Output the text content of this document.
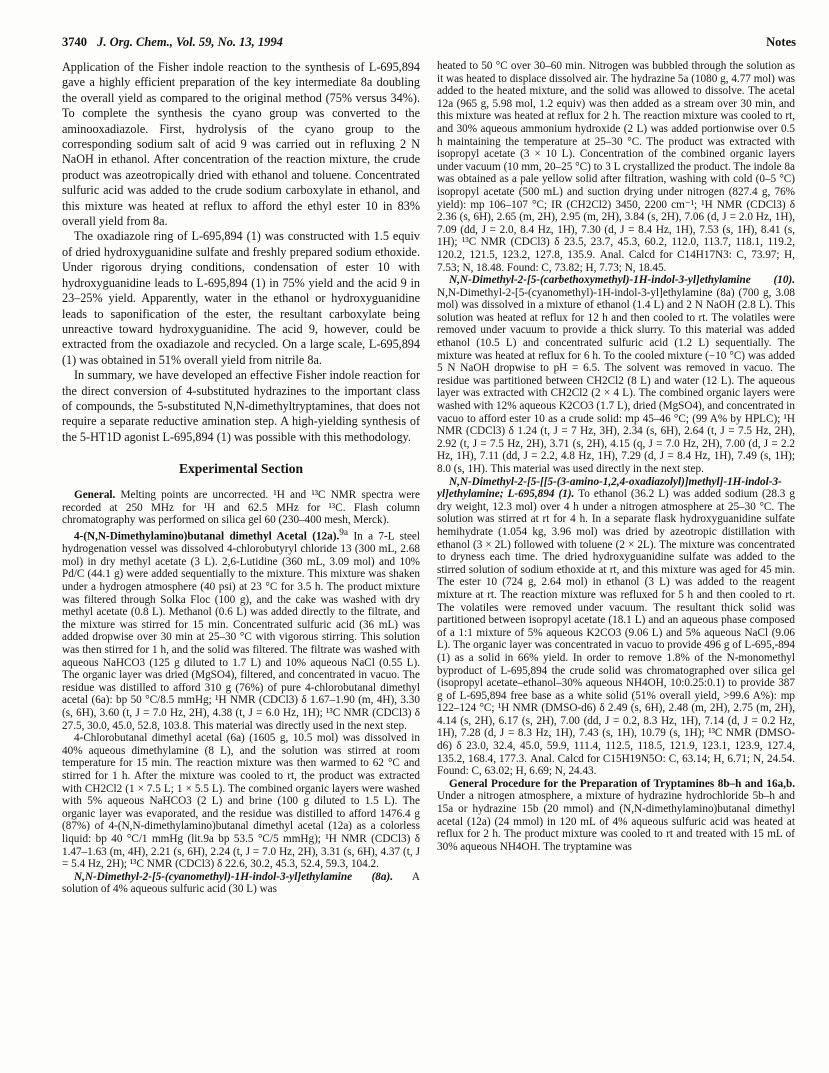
3740 J. Org. Chem., Vol. 59, No. 13, 1994	Notes

Application of the Fisher indole reaction to the synthesis of L-695,894 gave a highly efficient preparation of the key intermediate 8a doubling the overall yield as compared to the original method (75% versus 34%). To complete the synthesis the cyano group was converted to the aminooxadiazole. First, hydrolysis of the cyano group to the corresponding sodium salt of acid 9 was carried out in refluxing 2 N NaOH in ethanol. After concentration of the reaction mixture, the crude product was azeotropically dried with ethanol and toluene. Concentrated sulfuric acid was added to the crude sodium carboxylate in ethanol, and this mixture was heated at reflux to afford the ethyl ester 10 in 83% overall yield from 8a.

The oxadiazole ring of L-695,894 (1) was constructed with 1.5 equiv of dried hydroxyguanidine sulfate and freshly prepared sodium ethoxide. Under rigorous drying conditions, condensation of ester 10 with hydroxyguanidine leads to L-695,894 (1) in 75% yield and the acid 9 in 23–25% yield. Apparently, water in the ethanol or hydroxyguanidine leads to saponification of the ester, the resultant carboxylate being unreactive toward hydroxyguanidine. The acid 9, however, could be extracted from the oxadiazole and recycled. On a large scale, L-695,894 (1) was obtained in 51% overall yield from nitrile 8a.

In summary, we have developed an effective Fisher indole reaction for the direct conversion of 4-substituted hydrazines to the important class of compounds, the 5-substituted N,N-dimethyltryptamines, that does not require a separate reductive amination step. A high-yielding synthesis of the 5-HT1D agonist L-695,894 (1) was possible with this methodology.

Experimental Section

General. Melting points are uncorrected. ¹H and ¹³C NMR spectra were recorded at 250 MHz for ¹H and 62.5 MHz for ¹³C. Flash column chromatography was performed on silica gel 60 (230–400 mesh, Merck).

4-(N,N-Dimethylamino)butanal dimethyl Acetal (12a).$^{9a}$ In a 7-L steel hydrogenation vessel was dissolved 4-chlorobutyryl chloride 13 (300 mL, 2.68 mol) in dry methyl acetate (3 L). 2,6-Lutidine (360 mL, 3.09 mol) and 10% Pd/C (44.1 g) were added sequentially to the mixture. This mixture was shaken under a hydrogen atmosphere (40 psi) at 23 °C for 3.5 h. The product mixture was filtered through Solka Floc (100 g), and the cake was washed with dry methyl acetate (0.8 L). Methanol (0.6 L) was added directly to the filtrate, and the mixture was stirred for 15 min. Concentrated sulfuric acid (36 mL) was added dropwise over 30 min at 25–30 °C with vigorous stirring. This solution was then stirred for 1 h, and the solid was filtered. The filtrate was washed with aqueous NaHCO3 (125 g diluted to 1.7 L) and 10% aqueous NaCl (0.55 L). The organic layer was dried (MgSO4), filtered, and concentrated in vacuo. The residue was distilled to afford 310 g (76%) of pure 4-chlorobutanal dimethyl acetal (6a): bp 50 °C/8.5 mmHg; ¹H NMR (CDCl3) δ 1.67–1.90 (m, 4H), 3.30 (s, 6H), 3.60 (t, J = 7.0 Hz, 2H), 4.38 (t, J = 6.0 Hz, 1H); ¹³C NMR (CDCl3) δ 27.5, 30.0, 45.0, 52.8, 103.8. This material was directly used in the next step.

4-Chlorobutanal dimethyl acetal (6a) (1605 g, 10.5 mol) was dissolved in 40% aqueous dimethylamine (8 L), and the solution was stirred at room temperature for 15 min. The reaction mixture was then warmed to 62 °C and stirred for 1 h. After the mixture was cooled to rt, the product was extracted with CH2Cl2 (1 × 7.5 L; 1 × 5.5 L). The combined organic layers were washed with 5% aqueous NaHCO3 (2 L) and brine (100 g diluted to 1.5 L). The organic layer was evaporated, and the residue was distilled to afford 1476.4 g (87%) of 4-(N,N-dimethylamino)butanal dimethyl acetal (12a) as a colorless liquid: bp 40 °C/1 mmHg (lit.9a bp 53.5 °C/5 mmHg); ¹H NMR (CDCl3) δ 1.47–1.63 (m, 4H), 2.21 (s, 6H), 2.24 (t, J = 7.0 Hz, 2H), 3.31 (s, 6H), 4.37 (t, J = 5.4 Hz, 2H); ¹³C NMR (CDCl3) δ 22.6, 30.2, 45.3, 52.4, 59.3, 104.2.

N,N-Dimethyl-2-[5-(cyanomethyl)-1H-indol-3-yl]ethylamine (8a). A solution of 4% aqueous sulfuric acid (30 L) was

heated to 50 °C over 30–60 min. Nitrogen was bubbled through the solution as it was heated to displace dissolved air. The hydrazine 5a (1080 g, 4.77 mol) was added to the heated mixture, and the solid was allowed to dissolve. The acetal 12a (965 g, 5.98 mol, 1.2 equiv) was then added as a stream over 30 min, and this mixture was heated at reflux for 2 h. The reaction mixture was cooled to rt, and 30% aqueous ammonium hydroxide (2 L) was added portionwise over 0.5 h maintaining the temperature at 25–30 °C. The product was extracted with isopropyl acetate (3 × 10 L). Concentration of the combined organic layers under vacuum (10 mm, 20–25 °C) to 3 L crystallized the product. The indole 8a was obtained as a pale yellow solid after filtration, washing with cold (0–5 °C) isopropyl acetate (500 mL) and suction drying under nitrogen (827.4 g, 76% yield): mp 106–107 °C; IR (CH2Cl2) 3450, 2200 cm⁻¹; ¹H NMR (CDCl3) δ 2.36 (s, 6H), 2.65 (m, 2H), 2.95 (m, 2H), 3.84 (s, 2H), 7.06 (d, J = 2.0 Hz, 1H), 7.09 (dd, J = 2.0, 8.4 Hz, 1H), 7.30 (d, J = 8.4 Hz, 1H), 7.53 (s, 1H), 8.41 (s, 1H); ¹³C NMR (CDCl3) δ 23.5, 23.7, 45.3, 60.2, 112.0, 113.7, 118.1, 119.2, 120.2, 121.5, 123.2, 127.8, 135.9. Anal. Calcd for C14H17N3: C, 73.97; H, 7.53; N, 18.48. Found: C, 73.82; H, 7.73; N, 18.45.

N,N-Dimethyl-2-[5-(carbethoxymethyl)-1H-indol-3-yl]ethylamine (10). N,N-Dimethyl-2-[5-(cyanomethyl)-1H-indol-3-yl]ethylamine (8a) (700 g, 3.08 mol) was dissolved in a mixture of ethanol (1.4 L) and 2 N NaOH (2.8 L). This solution was heated at reflux for 12 h and then cooled to rt. The volatiles were removed under vacuum to provide a thick slurry. To this material was added ethanol (10.5 L) and concentrated sulfuric acid (1.2 L) sequentially. The mixture was heated at reflux for 6 h. To the cooled mixture (−10 °C) was added 5 N NaOH dropwise to pH = 6.5. The solvent was removed in vacuo. The residue was partitioned between CH2Cl2 (8 L) and water (12 L). The aqueous layer was extracted with CH2Cl2 (2 × 4 L). The combined organic layers were washed with 12% aqueous K2CO3 (1.7 L), dried (MgSO4), and concentrated in vacuo to afford ester 10 as a crude solid: mp 45–46 °C; (99 A% by HPLC); ¹H NMR (CDCl3) δ 1.24 (t, J = 7 Hz, 3H), 2.34 (s, 6H), 2.64 (t, J = 7.5 Hz, 2H), 2.92 (t, J = 7.5 Hz, 2H), 3.71 (s, 2H), 4.15 (q, J = 7.0 Hz, 2H), 7.00 (d, J = 2.2 Hz, 1H), 7.11 (dd, J = 2.2, 4.8 Hz, 1H), 7.29 (d, J = 8.4 Hz, 1H), 7.49 (s, 1H); 8.0 (s, 1H). This material was used directly in the next step.

N,N-Dimethyl-2-[5-[[5-(3-amino-1,2,4-oxadiazolyl)]methyl]-1H-indol-3-yl]ethylamine; L-695,894 (1). To ethanol (36.2 L) was added sodium (28.3 g dry weight, 12.3 mol) over 4 h under a nitrogen atmosphere at 25–30 °C. The solution was stirred at rt for 4 h. In a separate flask hydroxyguanidine sulfate hemihydrate (1.054 kg, 3.96 mol) was dried by azeotropic distillation with ethanol (3 × 2L) followed with toluene (2 × 2L). The mixture was concentrated to dryness each time. The dried hydroxyguanidine sulfate was added to the stirred solution of sodium ethoxide at rt, and this mixture was aged for 45 min. The ester 10 (724 g, 2.64 mol) in ethanol (3 L) was added to the reagent mixture at rt. The reaction mixture was refluxed for 5 h and then cooled to rt. The volatiles were removed under vacuum. The resultant thick solid was partitioned between isopropyl acetate (18.1 L) and an aqueous phase composed of a 1:1 mixture of 5% aqueous K2CO3 (9.06 L) and 5% aqueous NaCl (9.06 L). The organic layer was concentrated in vacuo to provide 496 g of L-695,-894 (1) as a solid in 66% yield. In order to remove 1.8% of the N-monomethyl byproduct of L-695,894 the crude solid was chromatographed over silica gel (isopropyl acetate–ethanol–30% aqueous NH4OH, 10:0.25:0.1) to provide 387 g of L-695,894 free base as a white solid (51% overall yield, >99.6 A%): mp 122–124 °C; ¹H NMR (DMSO-d6) δ 2.49 (s, 6H), 2.48 (m, 2H), 2.75 (m, 2H), 4.14 (s, 2H), 6.17 (s, 2H), 7.00 (dd, J = 0.2, 8.3 Hz, 1H), 7.14 (d, J = 0.2 Hz, 1H), 7.28 (d, J = 8.3 Hz, 1H), 7.43 (s, 1H), 10.79 (s, 1H); ¹³C NMR (DMSO-d6) δ 23.0, 32.4, 45.0, 59.9, 111.4, 112.5, 118.5, 121.9, 123.1, 123.9, 127.4, 135.2, 168.4, 177.3. Anal. Calcd for C15H19N5O: C, 63.14; H, 6.71; N, 24.54. Found: C, 63.02; H, 6.69; N, 24.43.

General Procedure for the Preparation of Tryptamines 8b–h and 16a,b. Under a nitrogen atmosphere, a mixture of hydrazine hydrochloride 5b–h and 15a or hydrazine 15b (20 mmol) and (N,N-dimethylamino)butanal dimethyl acetal (12a) (24 mmol) in 120 mL of 4% aqueous sulfuric acid was heated at reflux for 2 h. The product mixture was cooled to rt and treated with 15 mL of 30% aqueous NH4OH. The tryptamine was
